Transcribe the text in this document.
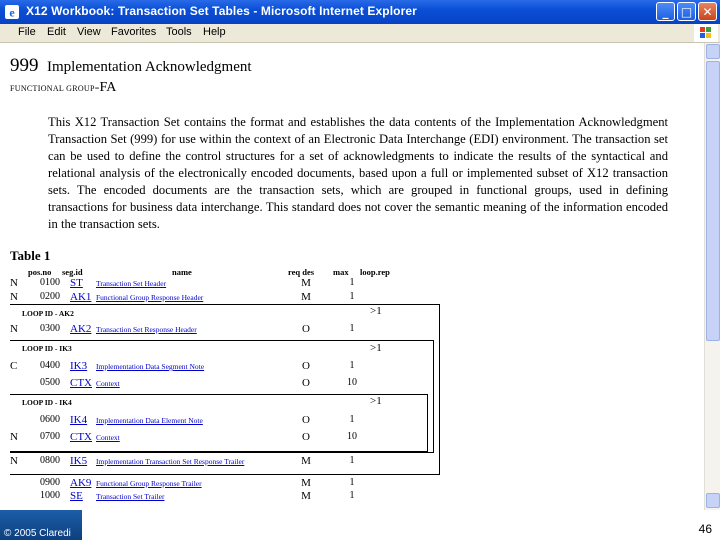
e X12 Workbook: Transaction Set Tables - Microsoft Internet Explorer	_	□ ✕
File Edit View Favorites Tools Help
999 Implementation Acknowledgment
FUNCTIONAL GROUP=FA
This X12 Transaction Set contains the format and establishes the data contents of the Implementation Acknowledgment Transaction Set (999) for use within the context of an Electronic Data Interchange (EDI) environment. The transaction set can be used to define the control structures for a set of acknowledgments to indicate the results of the syntactical and relational analysis of the electronically encoded documents, based upon a full or implemented subset of X12 transaction sets. The encoded documents are the transaction sets, which are grouped in functional groups, used in defining transactions for business data interchange. This standard does not cover the semantic meaning of the information encoded in the transaction sets.
Table 1
pos.no seg.id	name	req des max loop.rep
N 0100 ST Transaction Set Header	M	1
N 0200 AK1 Functional Group Response Header	M	1
LOOP ID - AK2	>1
N 0300 AK2 Transaction Set Response Header	O	1
LOOP ID - IK3	>1
C 0400 IK3 Implementation Data Segment Note	O	1
0500 CTX Context	O	10
LOOP ID - IK4	>1
0600 IK4 Implementation Data Element Note	O	1
N 0700 CTX Context	O	10
N 0800 IK5 Implementation Transaction Set Response Trailer	M	1
0900 AK9 Functional Group Response Trailer	M	1
1000 SE Transaction Set Trailer	M	1
© 2005 Claredi	46
